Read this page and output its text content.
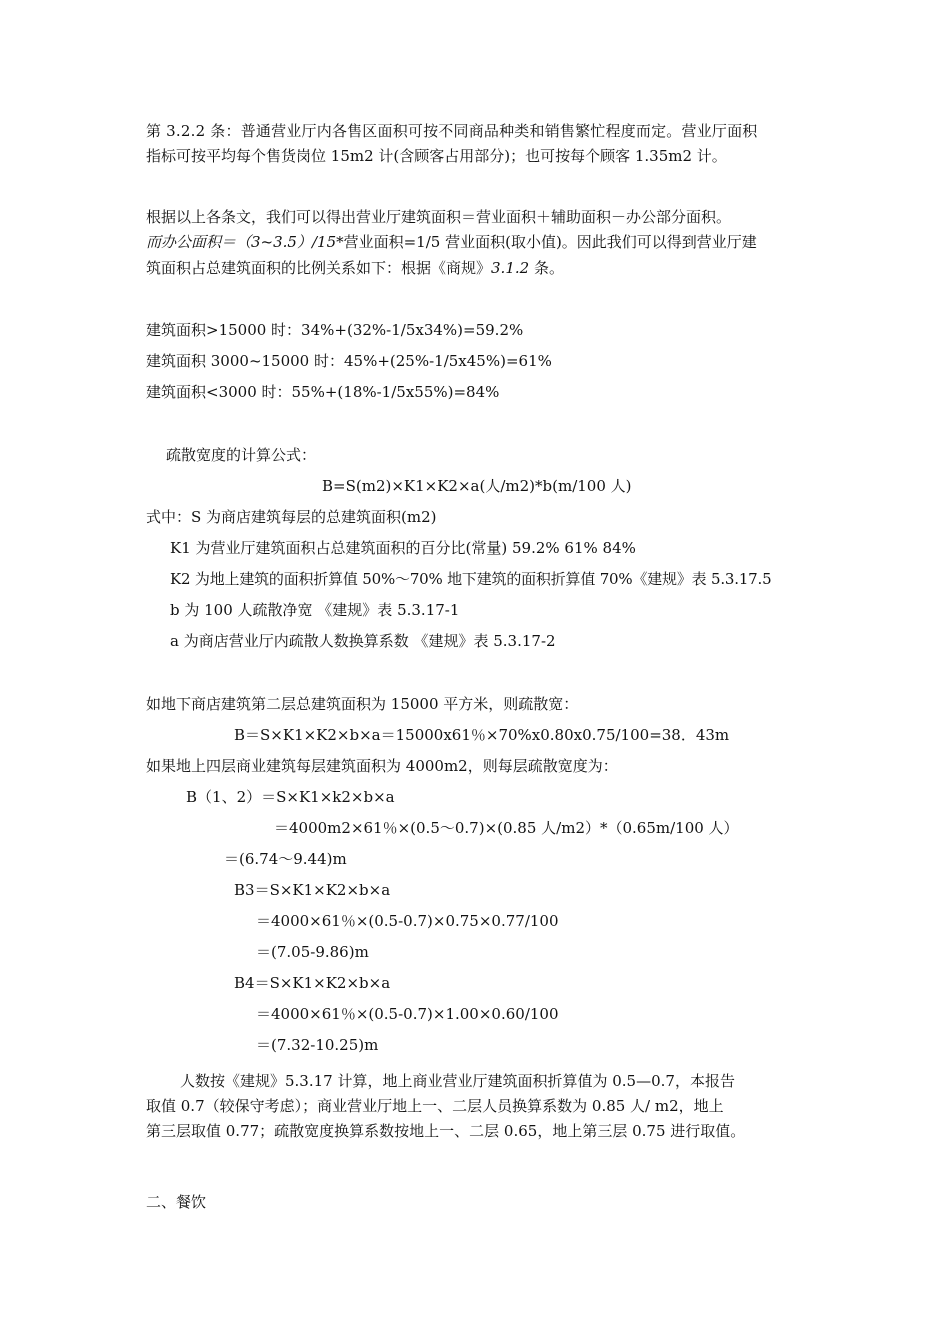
第 3.2.2 条：普通营业厅内各售区面积可按不同商品种类和销售繁忙程度而定。营业厅面积
指标可按平均每个售货岗位 15m2 计(含顾客占用部分)；也可按每个顾客 1.35m2 计。
根据以上各条文，我们可以得出营业厅建筑面积＝营业面积＋辅助面积－办公部分面积。
而办公面积＝（3~3.5）/15*营业面积=1/5 营业面积(取小值)。因此我们可以得到营业厅建
筑面积占总建筑面积的比例关系如下：根据《商规》3.1.2 条。
建筑面积>15000 时：34%+(32%-1/5x34%)=59.2%
建筑面积 3000~15000 时：45%+(25%-1/5x45%)=61%
建筑面积<3000 时：55%+(18%-1/5x55%)=84%
疏散宽度的计算公式：
B=S(m2)×K1×K2×a(人/m2)*b(m/100 人)
式中：S 为商店建筑每层的总建筑面积(m2)
K1 为营业厅建筑面积占总建筑面积的百分比(常量) 59.2% 61% 84%
K2 为地上建筑的面积折算值 50%～70% 地下建筑的面积折算值 70%《建规》表 5.3.17.5
b 为 100 人疏散净宽 《建规》表 5.3.17-1
a 为商店营业厅内疏散人数换算系数 《建规》表 5.3.17-2
如地下商店建筑第二层总建筑面积为 15000 平方米，则疏散宽：
B＝S×K1×K2×b×a＝15000x61％×70%x0.80x0.75/100=38．43m
如果地上四层商业建筑每层建筑面积为 4000m2，则每层疏散宽度为：
B（1、2）＝S×K1×k2×b×a
＝4000m2×61％×(0.5～0.7)×(0.85 人/m2）*（0.65m/100 人）
＝(6.74～9.44)m
B3＝S×K1×K2×b×a
＝4000×61％×(0.5-0.7)×0.75×0.77/100
＝(7.05-9.86)m
B4＝S×K1×K2×b×a
＝4000×61％×(0.5-0.7)×1.00×0.60/100
＝(7.32-10.25)m
人数按《建规》5.3.17 计算，地上商业营业厅建筑面积折算值为 0.5—0.7，本报告
取值 0.7（较保守考虑）；商业营业厅地上一、二层人员换算系数为 0.85 人/ m2，地上
第三层取值 0.77；疏散宽度换算系数按地上一、二层 0.65，地上第三层 0.75 进行取值。
二、餐饮
